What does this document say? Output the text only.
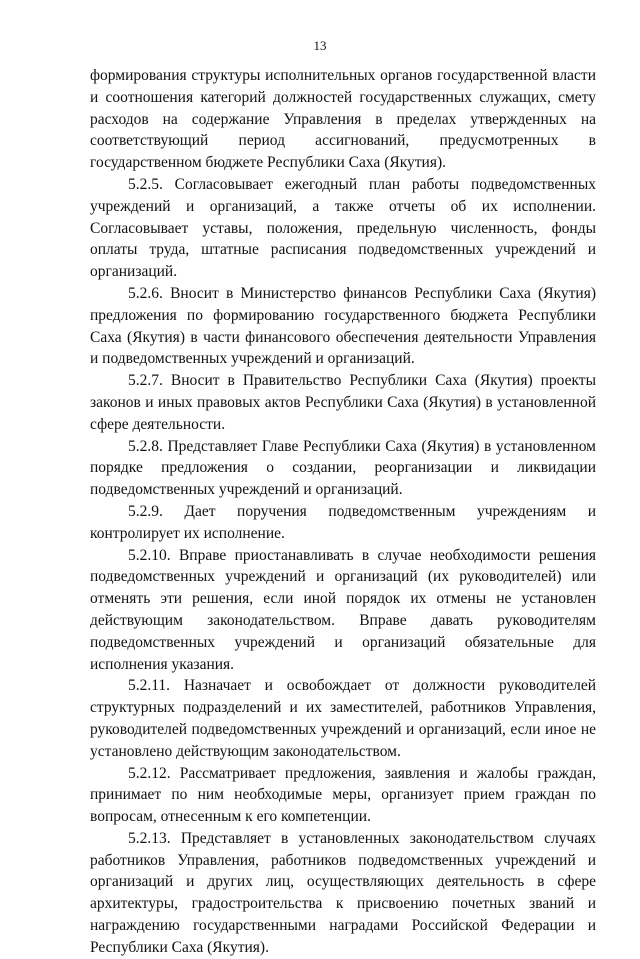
13

формирования структуры исполнительных органов государственной власти и соотношения категорий должностей государственных служащих, смету расходов на содержание Управления в пределах утвержденных на соответствующий период ассигнований, предусмотренных в государственном бюджете Республики Саха (Якутия).

5.2.5. Согласовывает ежегодный план работы подведомственных учреждений и организаций, а также отчеты об их исполнении. Согласовывает уставы, положения, предельную численность, фонды оплаты труда, штатные расписания подведомственных учреждений и организаций.

5.2.6. Вносит в Министерство финансов Республики Саха (Якутия) предложения по формированию государственного бюджета Республики Саха (Якутия) в части финансового обеспечения деятельности Управления и подведомственных учреждений и организаций.

5.2.7. Вносит в Правительство Республики Саха (Якутия) проекты законов и иных правовых актов Республики Саха (Якутия) в установленной сфере деятельности.

5.2.8. Представляет Главе Республики Саха (Якутия) в установленном порядке предложения о создании, реорганизации и ликвидации подведомственных учреждений и организаций.

5.2.9. Дает поручения подведомственным учреждениям и контролирует их исполнение.

5.2.10. Вправе приостанавливать в случае необходимости решения подведомственных учреждений и организаций (их руководителей) или отменять эти решения, если иной порядок их отмены не установлен действующим законодательством. Вправе давать руководителям подведомственных учреждений и организаций обязательные для исполнения указания.

5.2.11. Назначает и освобождает от должности руководителей структурных подразделений и их заместителей, работников Управления, руководителей подведомственных учреждений и организаций, если иное не установлено действующим законодательством.

5.2.12. Рассматривает предложения, заявления и жалобы граждан, принимает по ним необходимые меры, организует прием граждан по вопросам, отнесенным к его компетенции.

5.2.13. Представляет в установленных законодательством случаях работников Управления, работников подведомственных учреждений и организаций и других лиц, осуществляющих деятельность в сфере архитектуры, градостроительства к присвоению почетных званий и награждению государственными наградами Российской Федерации и Республики Саха (Якутия).
